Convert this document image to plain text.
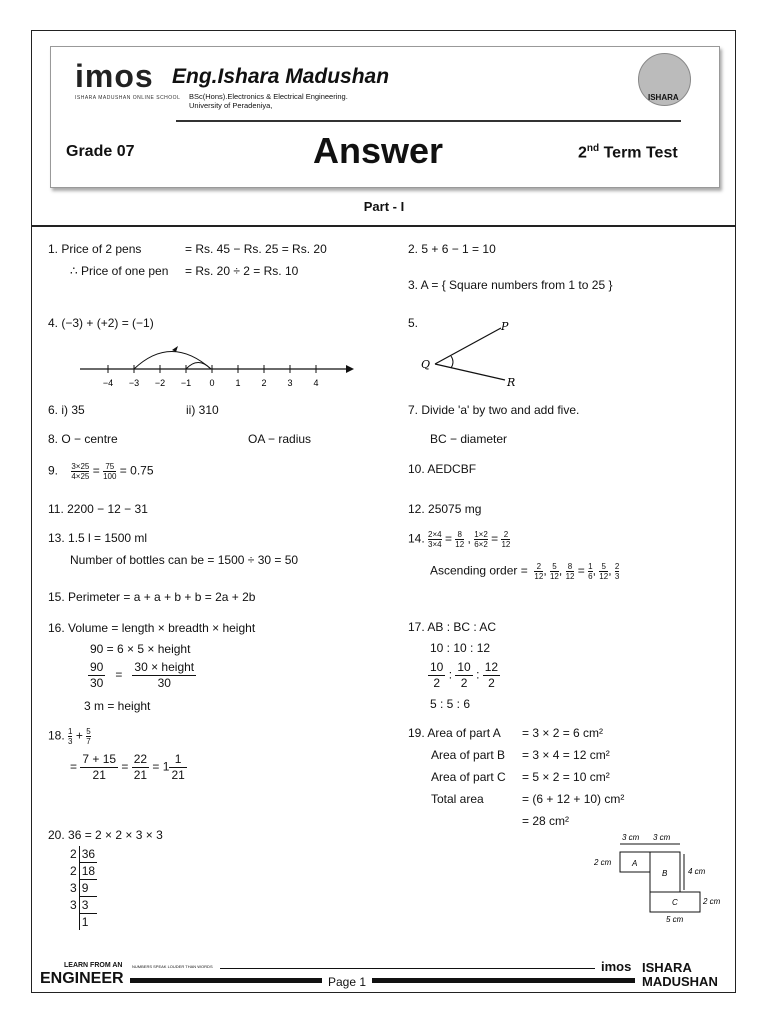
imos
ISHARA MADUSHAN ONLINE SCHOOL
Eng.Ishara Madushan
BSc(Hons).Electronics & Electrical Engineering.
University of Peradeniya,
ISHARA
Grade 07	Answer	2nd Term Test
Part - I
1. Price of 2 pens	= Rs. 45 − Rs. 25 = Rs. 20
∴ Price of one pen = Rs. 20 ÷ 2 = Rs. 10
2. 5 + 6 − 1 = 10
3. A = { Square numbers from 1 to 25 }
4. (−3) + (+2) = (−1)
−4 −3 −2 −1 0 1 2 3 4
5.	P
Q
R
6. i) 35	ii) 310	7. Divide 'a' by two and add five.
8. O − centre	OA − radius	BC − diameter
9. $\frac{3\times 25}{4\times 25} = \frac{75}{100} = 0.75$	10. AEDCBF
11. 2200 − 12 − 31	12. 25075 mg
13. 1.5 l = 1500 ml
Number of bottles can be = 1500 ÷ 30 = 50
14. $\frac{2\times 4}{3\times 4} = \frac{8}{12}$ , $\frac{1\times 2}{6\times 2} = \frac{2}{12}$
Ascending order = $\frac{2}{12}$ , $\frac{5}{12}$ , $\frac{8}{12} = \frac{1}{6}$ , $\frac{5}{12}$ , $\frac{2}{3}$
15. Perimeter = a + a + b + b = 2a + 2b
16. Volume = length × breadth × height
90 = 6 × 5 × height
$\frac{90}{30}$ =
30 × height
30
3 m = height
17. AB : BC : AC
10 : 10 : 12
$\frac{10}{2}$ : $\frac{10}{2}$ : $\frac{12}{2}$
5 : 5 : 6
18. $\frac{1}{3} + \frac{5}{7}$
= $\frac{7 + 15}{21} = \frac{22}{21} = 1 \frac{1}{21}$
19. Area of part A = 3 × 2 = 6 cm²
Area of part B = 3 × 4 = 12 cm²
Area of part C = 5 × 2 = 10 cm²
Total area	= (6 + 12 + 10) cm²
= 28 cm²
3 cm 3 cm
2 cm
4 cm
2 cm
5 cm
A
B
C
20. 36 = 2 × 2 × 3 × 3
2	36
2	18
3	9
3	3
	1
LEARN FROM AN
ENGINEER
NUMBERS SPEAK LOUDER THAN WORDS
Page 1
imos ISHARA
MADUSHAN
